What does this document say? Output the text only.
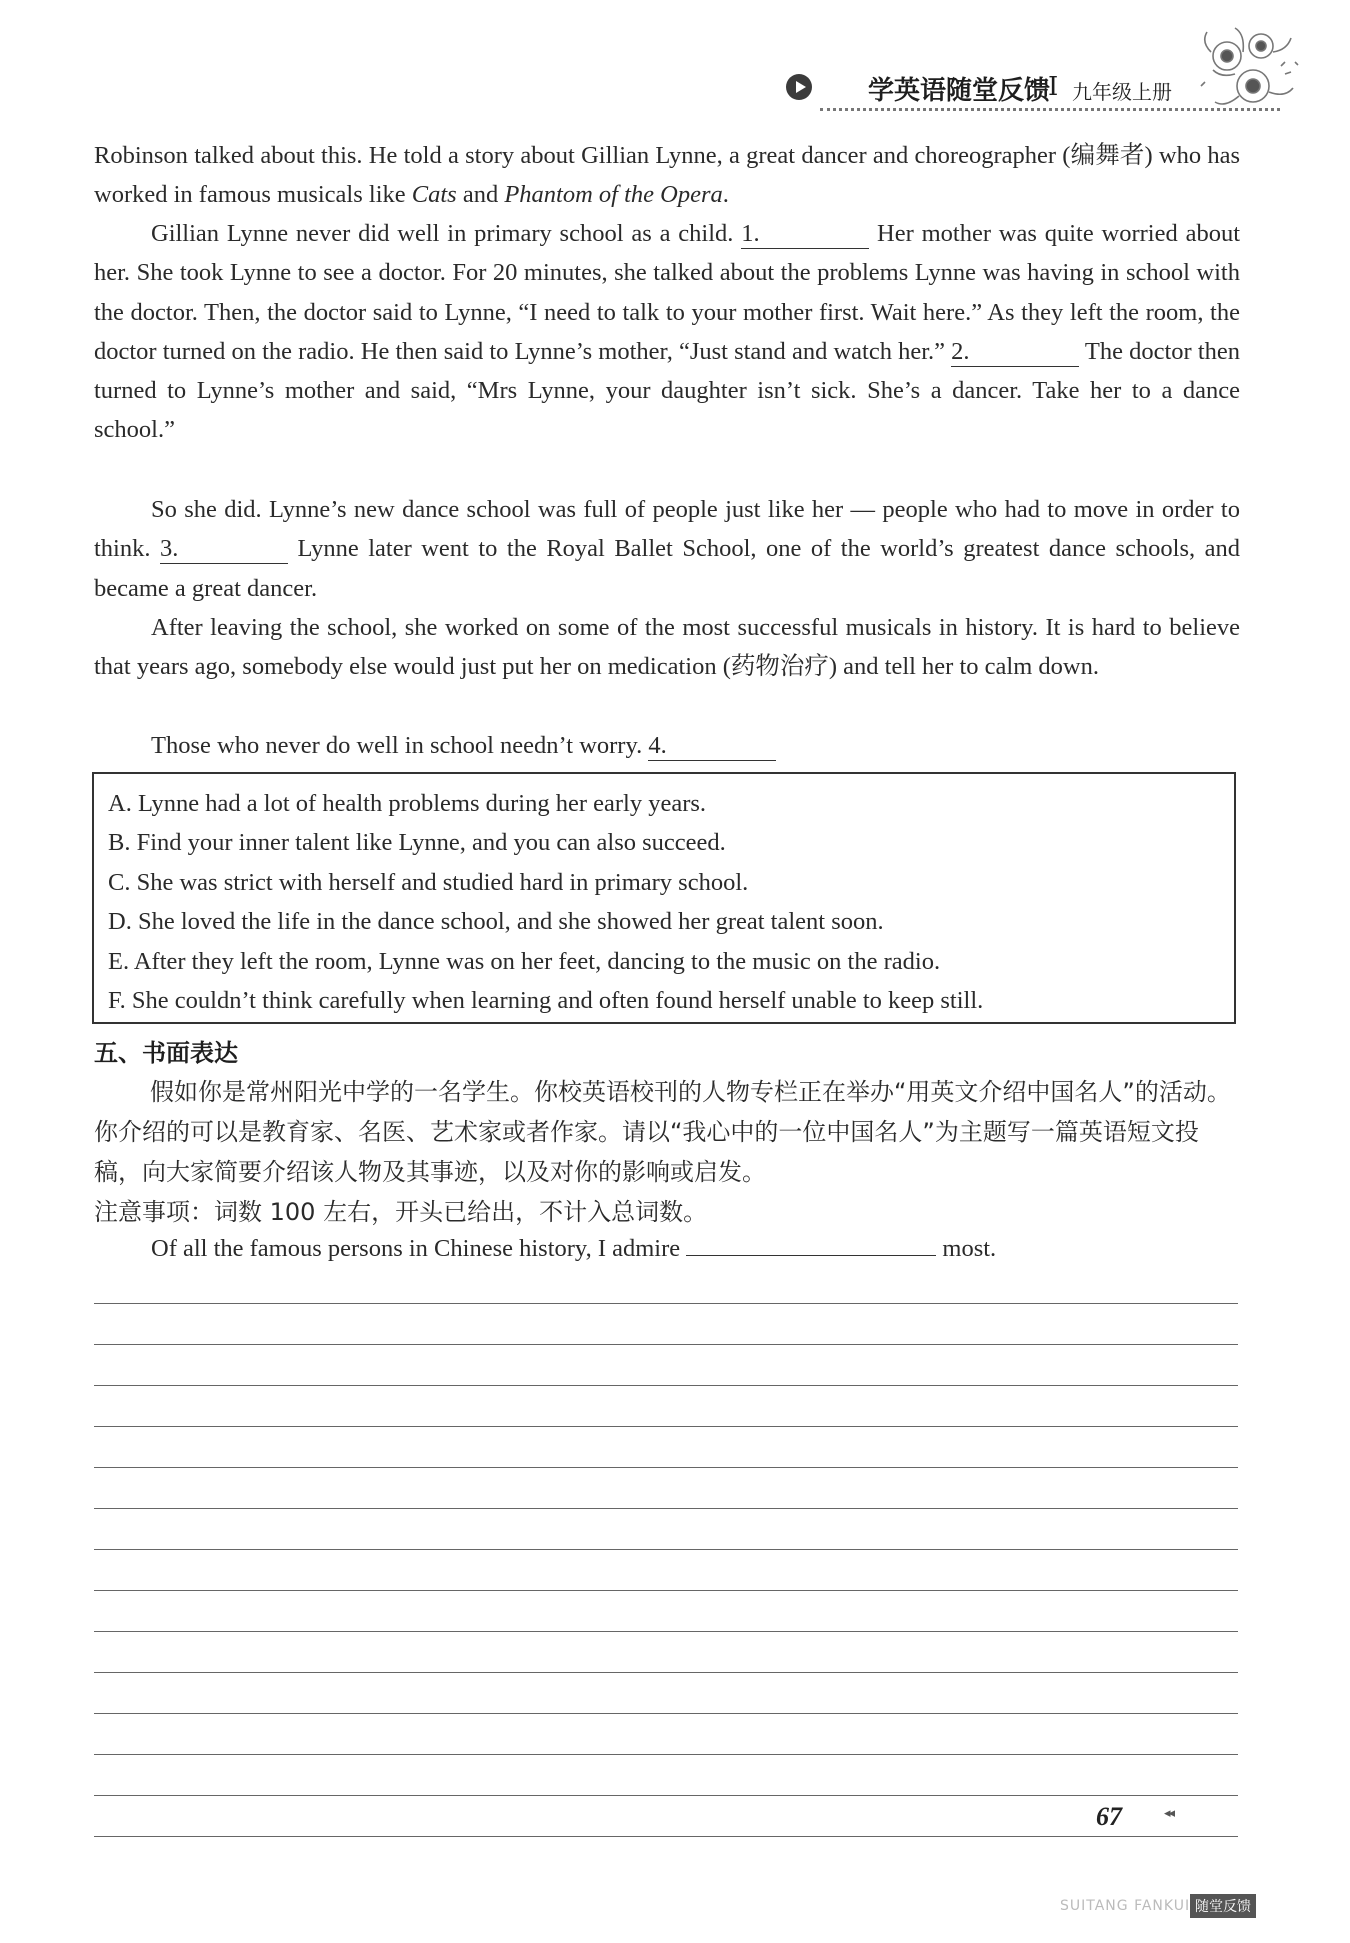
学英语随堂反馈
I 九年级上册

Robinson talked about this. He told a story about Gillian Lynne, a great dancer and choreographer (编舞者) who has worked in famous musicals like Cats and Phantom of the Opera.

Gillian Lynne never did well in primary school as a child. 1.	Her mother was quite worried about her. She took Lynne to see a doctor. For 20 minutes, she talked about the problems Lynne was having in school with the doctor. Then, the doctor said to Lynne, “I need to talk to your mother first. Wait here.” As they left the room, the doctor turned on the radio. He then said to Lynne’s mother, “Just stand and watch her.” 2.	The doctor then turned to Lynne’s mother and said, “Mrs Lynne, your daughter isn’t sick. She’s a dancer. Take her to a dance school.”

So she did. Lynne’s new dance school was full of people just like her — people who had to move in order to think. 3.	Lynne later went to the Royal Ballet School, one of the world’s greatest dance schools, and became a great dancer.

After leaving the school, she worked on some of the most successful musicals in history. It is hard to believe that years ago, somebody else would just put her on medication (药物治疗) and tell her to calm down.

Those who never do well in school needn’t worry. 4.

A. Lynne had a lot of health problems during her early years.
B. Find your inner talent like Lynne, and you can also succeed.
C. She was strict with herself and studied hard in primary school.
D. She loved the life in the dance school, and she showed her great talent soon.
E. After they left the room, Lynne was on her feet, dancing to the music on the radio.
F. She couldn’t think carefully when learning and often found herself unable to keep still.
五、书面表达

假如你是常州阳光中学的一名学生。你校英语校刊的人物专栏正在举办“用英文介绍中国名人”的活动。你介绍的可以是教育家、名医、艺术家或者作家。请以“我心中的一位中国名人”为主题写一篇英语短文投稿，向大家简要介绍该人物及其事迹，以及对你的影响或启发。

注意事项：词数 100 左右，开头已给出，不计入总词数。

Of all the famous persons in Chinese history, I admire	most.

67	◂◂
SUITANG FANKUI 随堂反馈
